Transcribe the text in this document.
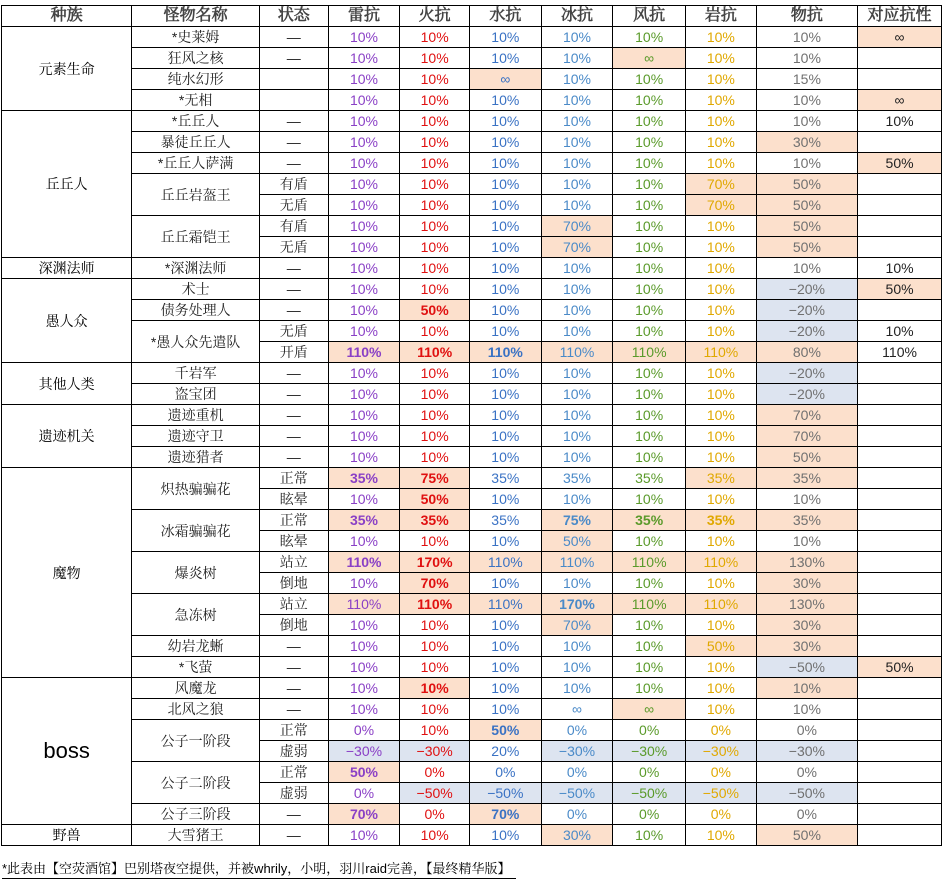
种族	怪物名称	状态	雷抗	火抗	水抗	冰抗	风抗	岩抗	物抗	对应抗性
元素生命	*史莱姆	—	10%	10%	10%	10%	10%	10%	10%	∞
	狂风之核	—	10%	10%	10%	10%	∞	10%	10%	
	纯水幻形		10%	10%	∞	10%	10%	10%	15%	
	*无相		10%	10%	10%	10%	10%	10%	10%	∞
丘丘人	*丘丘人	—	10%	10%	10%	10%	10%	10%	10%	10%
	暴徒丘丘人	—	10%	10%	10%	10%	10%	10%	30%	
	*丘丘人萨满	—	10%	10%	10%	10%	10%	10%	10%	50%
	丘丘岩盔王	有盾	10%	10%	10%	10%	10%	70%	50%	
		无盾	10%	10%	10%	10%	10%	70%	50%	
	丘丘霜铠王	有盾	10%	10%	10%	70%	10%	10%	50%	
		无盾	10%	10%	10%	70%	10%	10%	50%	
深渊法师	*深渊法师	—	10%	10%	10%	10%	10%	10%	10%	10%
愚人众	术士	—	10%	10%	10%	10%	10%	10%	−20%	50%
	债务处理人	—	10%	50%	10%	10%	10%	10%	−20%	
	*愚人众先遣队	无盾	10%	10%	10%	10%	10%	10%	−20%	10%
		开盾	110%	110%	110%	110%	110%	110%	80%	110%
其他人类	千岩军	—	10%	10%	10%	10%	10%	10%	−20%	
	盗宝团	—	10%	10%	10%	10%	10%	10%	−20%	
遗迹机关	遗迹重机	—	10%	10%	10%	10%	10%	10%	70%	
	遗迹守卫	—	10%	10%	10%	10%	10%	10%	70%	
	遗迹猎者	—	10%	10%	10%	10%	10%	10%	50%	
魔物	炽热骗骗花	正常	35%	75%	35%	35%	35%	35%	35%	
		眩晕	10%	50%	10%	10%	10%	10%	10%	
	冰霜骗骗花	正常	35%	35%	35%	75%	35%	35%	35%	
		眩晕	10%	10%	10%	50%	10%	10%	10%	
	爆炎树	站立	110%	170%	110%	110%	110%	110%	130%	
		倒地	10%	70%	10%	10%	10%	10%	30%	
	急冻树	站立	110%	110%	110%	170%	110%	110%	130%	
		倒地	10%	10%	10%	70%	10%	10%	30%	
	幼岩龙蜥	—	10%	10%	10%	10%	10%	50%	30%	
	*飞萤	—	10%	10%	10%	10%	10%	10%	−50%	50%
boss	风魔龙	—	10%	10%	10%	10%	10%	10%	10%	
	北风之狼	—	10%	10%	10%	∞	∞	10%	10%	
	公子一阶段	正常	0%	10%	50%	0%	0%	0%	0%	
		虚弱	−30%	−30%	20%	−30%	−30%	−30%	−30%	
	公子二阶段	正常	50%	0%	0%	0%	0%	0%	0%	
		虚弱	0%	−50%	−50%	−50%	−50%	−50%	−50%	
	公子三阶段	—	70%	0%	70%	0%	0%	0%	0%	
野兽	大雪猪王	—	10%	10%	10%	30%	10%	10%	50%	
*此表由【空荧酒馆】巴别塔夜空提供，并被whrily，小明，羽川raid完善，【最终精华版】
